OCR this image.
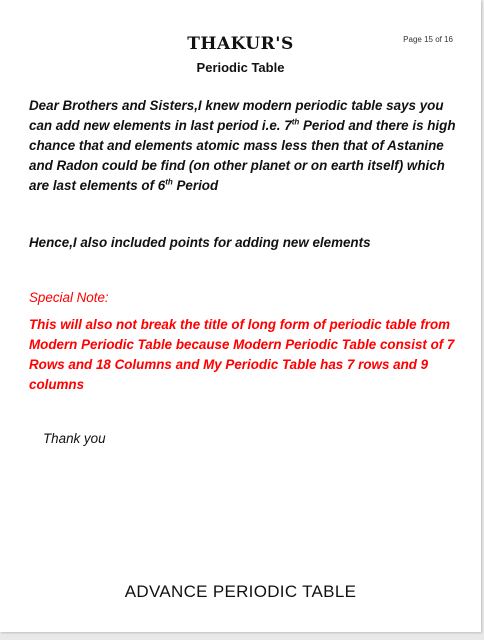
Page 15 of 16
THAKUR'S
Periodic Table
Dear Brothers and Sisters,I knew modern periodic table says you can add new elements in last period i.e. 7th Period and there is high chance that and elements atomic mass less then that of Astanine and Radon could be find (on other planet or on earth itself) which are last elements of 6th Period
Hence,I also included points for adding new elements
Special Note:
This will also not break the title of long form of periodic table from Modern Periodic Table because Modern Periodic Table consist of 7 Rows and 18 Columns and My Periodic Table has 7 rows and 9 columns
Thank you
ADVANCE PERIODIC TABLE
